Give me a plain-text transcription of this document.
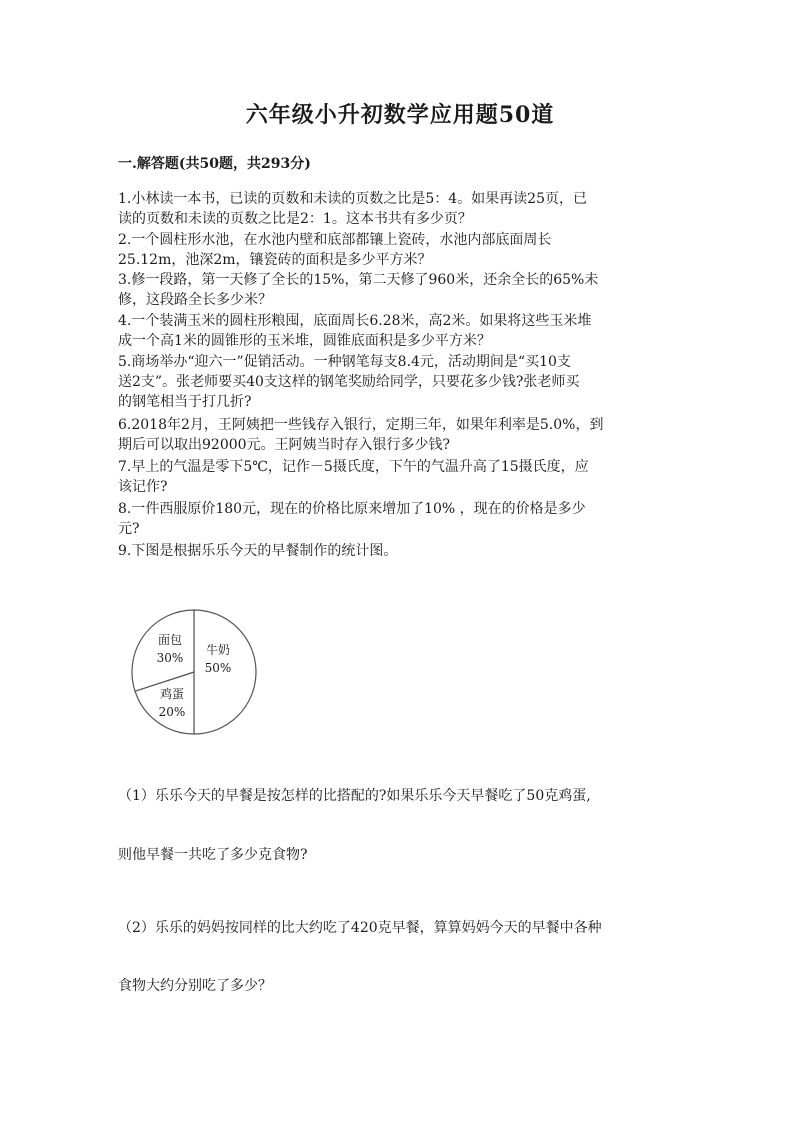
六年级小升初数学应用题50道
一.解答题(共50题，共293分)
1.小林读一本书，已读的页数和未读的页数之比是5：4。如果再读25页，已
读的页数和未读的页数之比是2：1。这本书共有多少页？
2.一个圆柱形水池，在水池内壁和底部都镶上瓷砖，水池内部底面周长
25.12m，池深2m，镶瓷砖的面积是多少平方米？
3.修一段路，第一天修了全长的15%，第二天修了960米，还余全长的65%未
修，这段路全长多少米？
4.一个装满玉米的圆柱形粮囤，底面周长6.28米，高2米。如果将这些玉米堆
成一个高1米的圆锥形的玉米堆，圆锥底面积是多少平方米？
5.商场举办“迎六一”促销活动。一种钢笔每支8.4元，活动期间是“买10支
送2支”。张老师要买40支这样的钢笔奖励给同学，只要花多少钱?张老师买
的钢笔相当于打几折?
6.2018年2月，王阿姨把一些钱存入银行，定期三年，如果年利率是5.0%，到
期后可以取出92000元。王阿姨当时存入银行多少钱?
7.早上的气温是零下5℃，记作－5摄氏度，下午的气温升高了15摄氏度，应
该记作?
8.一件西服原价180元，现在的价格比原来增加了10% ，现在的价格是多少
元?
9.下图是根据乐乐今天的早餐制作的统计图。
牛奶
50%
面包
30%
鸡蛋
20%
（1）乐乐今天的早餐是按怎样的比搭配的?如果乐乐今天早餐吃了50克鸡蛋,
则他早餐一共吃了多少克食物?
（2）乐乐的妈妈按同样的比大约吃了420克早餐，算算妈妈今天的早餐中各种
食物大约分别吃了多少？
